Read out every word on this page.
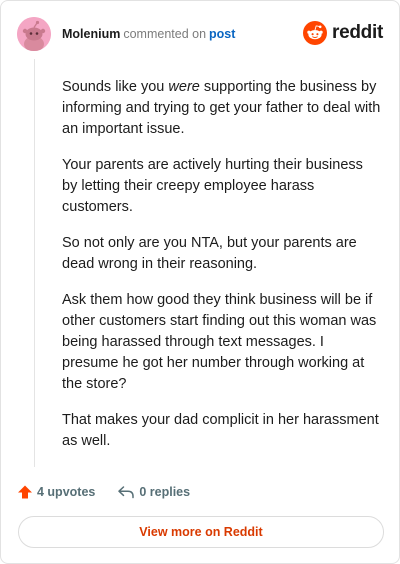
Molenium commented on post	reddit

Sounds like you were supporting the business by informing and trying to get your father to deal with an important issue.

Your parents are actively hurting their business by letting their creepy employee harass customers.

So not only are you NTA, but your parents are dead wrong in their reasoning.

Ask them how good they think business will be if other customers start finding out this woman was being harassed through text messages. I presume he got her number through working at the store?

That makes your dad complicit in her harassment as well.

4 upvotes	0 replies
View more on Reddit
